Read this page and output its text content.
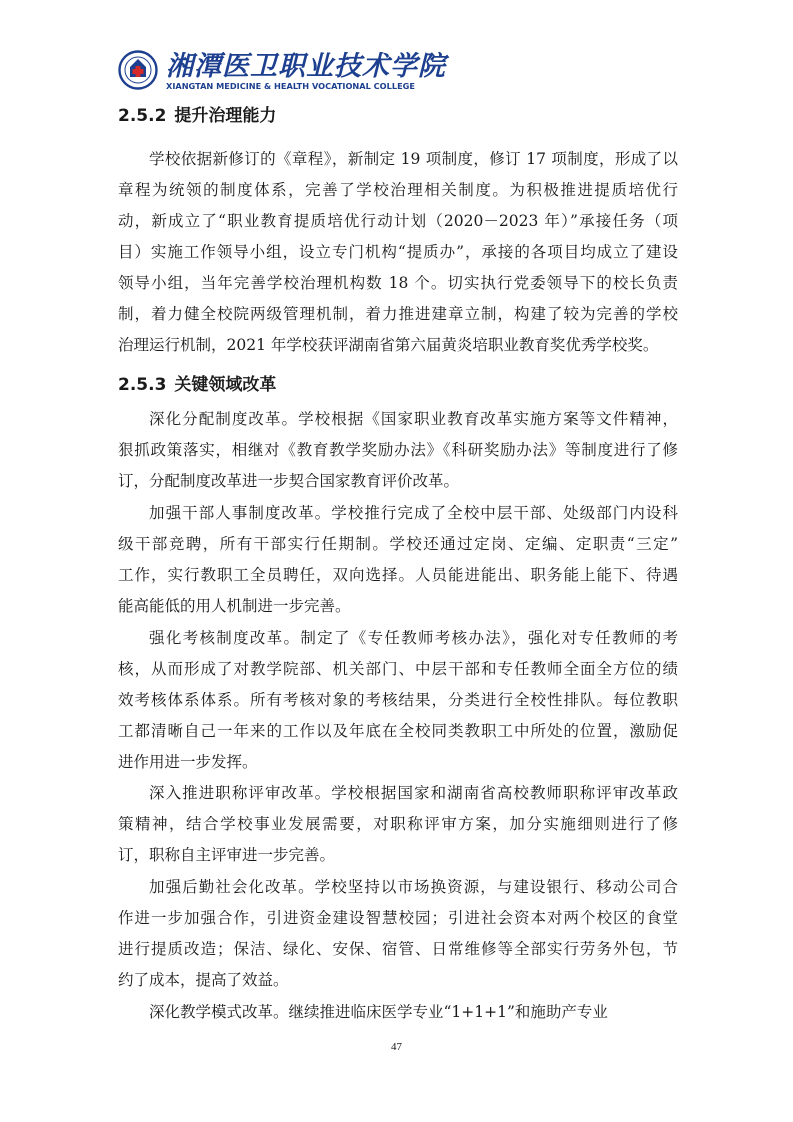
湘潭医卫职业技术学院
XIANGTAN MEDICINE & HEALTH VOCATIONAL COLLEGE
2.5.2 提升治理能力
学校依据新修订的《章程》，新制定 19 项制度，修订 17 项制度，形成了以
章程为统领的制度体系，完善了学校治理相关制度。为积极推进提质培优行
动，新成立了“职业教育提质培优行动计划（2020－2023 年）”承接任务（项
目）实施工作领导小组，设立专门机构“提质办”，承接的各项目均成立了建设
领导小组，当年完善学校治理机构数 18 个。切实执行党委领导下的校长负责
制，着力健全校院两级管理机制，着力推进建章立制，构建了较为完善的学校
治理运行机制，2021 年学校获评湖南省第六届黄炎培职业教育奖优秀学校奖。
2.5.3 关键领域改革
深化分配制度改革。学校根据《国家职业教育改革实施方案等文件精神，
狠抓政策落实，相继对《教育教学奖励办法》《科研奖励办法》等制度进行了修
订，分配制度改革进一步契合国家教育评价改革。
加强干部人事制度改革。学校推行完成了全校中层干部、处级部门内设科
级干部竞聘，所有干部实行任期制。学校还通过定岗、定编、定职责“三定”
工作，实行教职工全员聘任，双向选择。人员能进能出、职务能上能下、待遇
能高能低的用人机制进一步完善。
强化考核制度改革。制定了《专任教师考核办法》，强化对专任教师的考
核，从而形成了对教学院部、机关部门、中层干部和专任教师全面全方位的绩
效考核体系体系。所有考核对象的考核结果，分类进行全校性排队。每位教职
工都清晰自己一年来的工作以及年底在全校同类教职工中所处的位置，激励促
进作用进一步发挥。
深入推进职称评审改革。学校根据国家和湖南省高校教师职称评审改革政
策精神，结合学校事业发展需要，对职称评审方案，加分实施细则进行了修
订，职称自主评审进一步完善。
加强后勤社会化改革。学校坚持以市场换资源，与建设银行、移动公司合
作进一步加强合作，引进资金建设智慧校园；引进社会资本对两个校区的食堂
进行提质改造；保洁、绿化、安保、宿管、日常维修等全部实行劳务外包，节
约了成本，提高了效益。
深化教学模式改革。继续推进临床医学专业“1+1+1”和施助产专业
47
